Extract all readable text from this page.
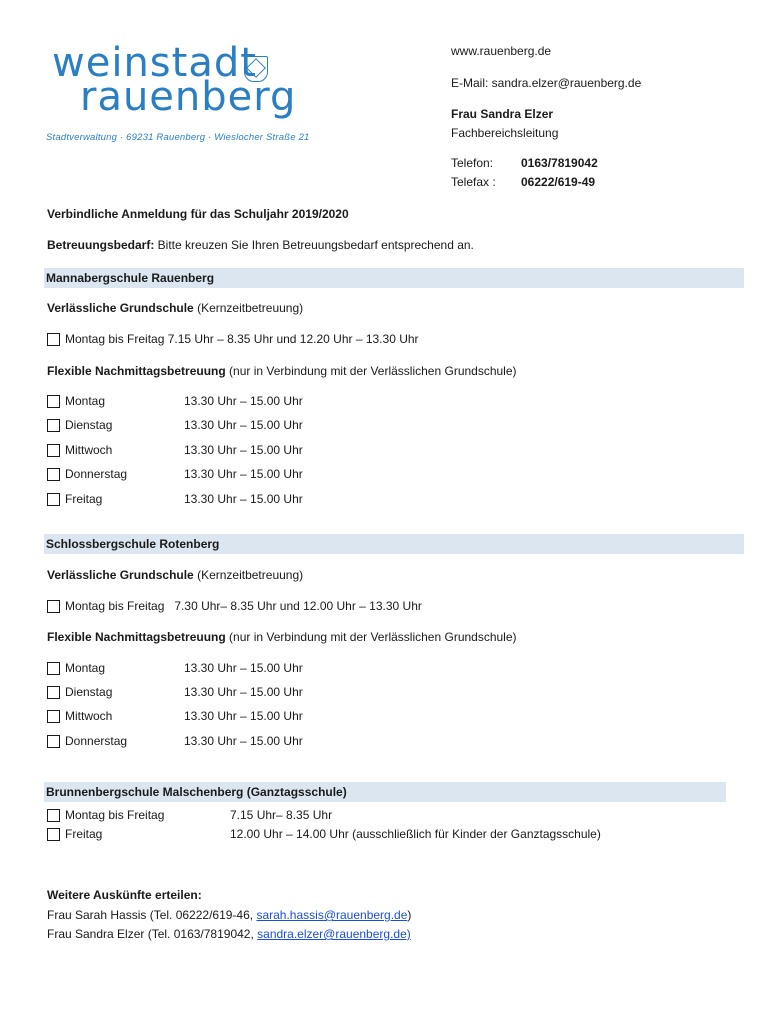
weinstadt
rauenberg
Stadtverwaltung · 69231 Rauenberg · Wieslocher Straße 21
www.rauenberg.de
E-Mail: sandra.elzer@rauenberg.de
Frau Sandra Elzer
Fachbereichsleitung
Telefon: 0163/7819042
Telefax : 06222/619-49
Verbindliche Anmeldung für das Schuljahr 2019/2020
Betreuungsbedarf: Bitte kreuzen Sie Ihren Betreuungsbedarf entsprechend an.
Mannabergschule Rauenberg
Verlässliche Grundschule (Kernzeitbetreuung)
Montag bis Freitag 7.15 Uhr – 8.35 Uhr und 12.20 Uhr – 13.30 Uhr
Flexible Nachmittagsbetreuung (nur in Verbindung mit der Verlässlichen Grundschule)
Montag	13.30 Uhr – 15.00 Uhr
Dienstag	13.30 Uhr – 15.00 Uhr
Mittwoch	13.30 Uhr – 15.00 Uhr
Donnerstag	13.30 Uhr – 15.00 Uhr
Freitag	13.30 Uhr – 15.00 Uhr
Schlossbergschule Rotenberg
Verlässliche Grundschule (Kernzeitbetreuung)
Montag bis Freitag   7.30 Uhr– 8.35 Uhr und 12.00 Uhr – 13.30 Uhr
Flexible Nachmittagsbetreuung (nur in Verbindung mit der Verlässlichen Grundschule)
Montag	13.30 Uhr – 15.00 Uhr
Dienstag	13.30 Uhr – 15.00 Uhr
Mittwoch	13.30 Uhr – 15.00 Uhr
Donnerstag	13.30 Uhr – 15.00 Uhr
Brunnenbergschule Malschenberg (Ganztagsschule)
Montag bis Freitag	7.15 Uhr– 8.35 Uhr
Freitag	12.00 Uhr – 14.00 Uhr (ausschließlich für Kinder der Ganztagsschule)
Weitere Auskünfte erteilen:
Frau Sarah Hassis (Tel. 06222/619-46, sarah.hassis@rauenberg.de)
Frau Sandra Elzer (Tel. 0163/7819042, sandra.elzer@rauenberg.de)
